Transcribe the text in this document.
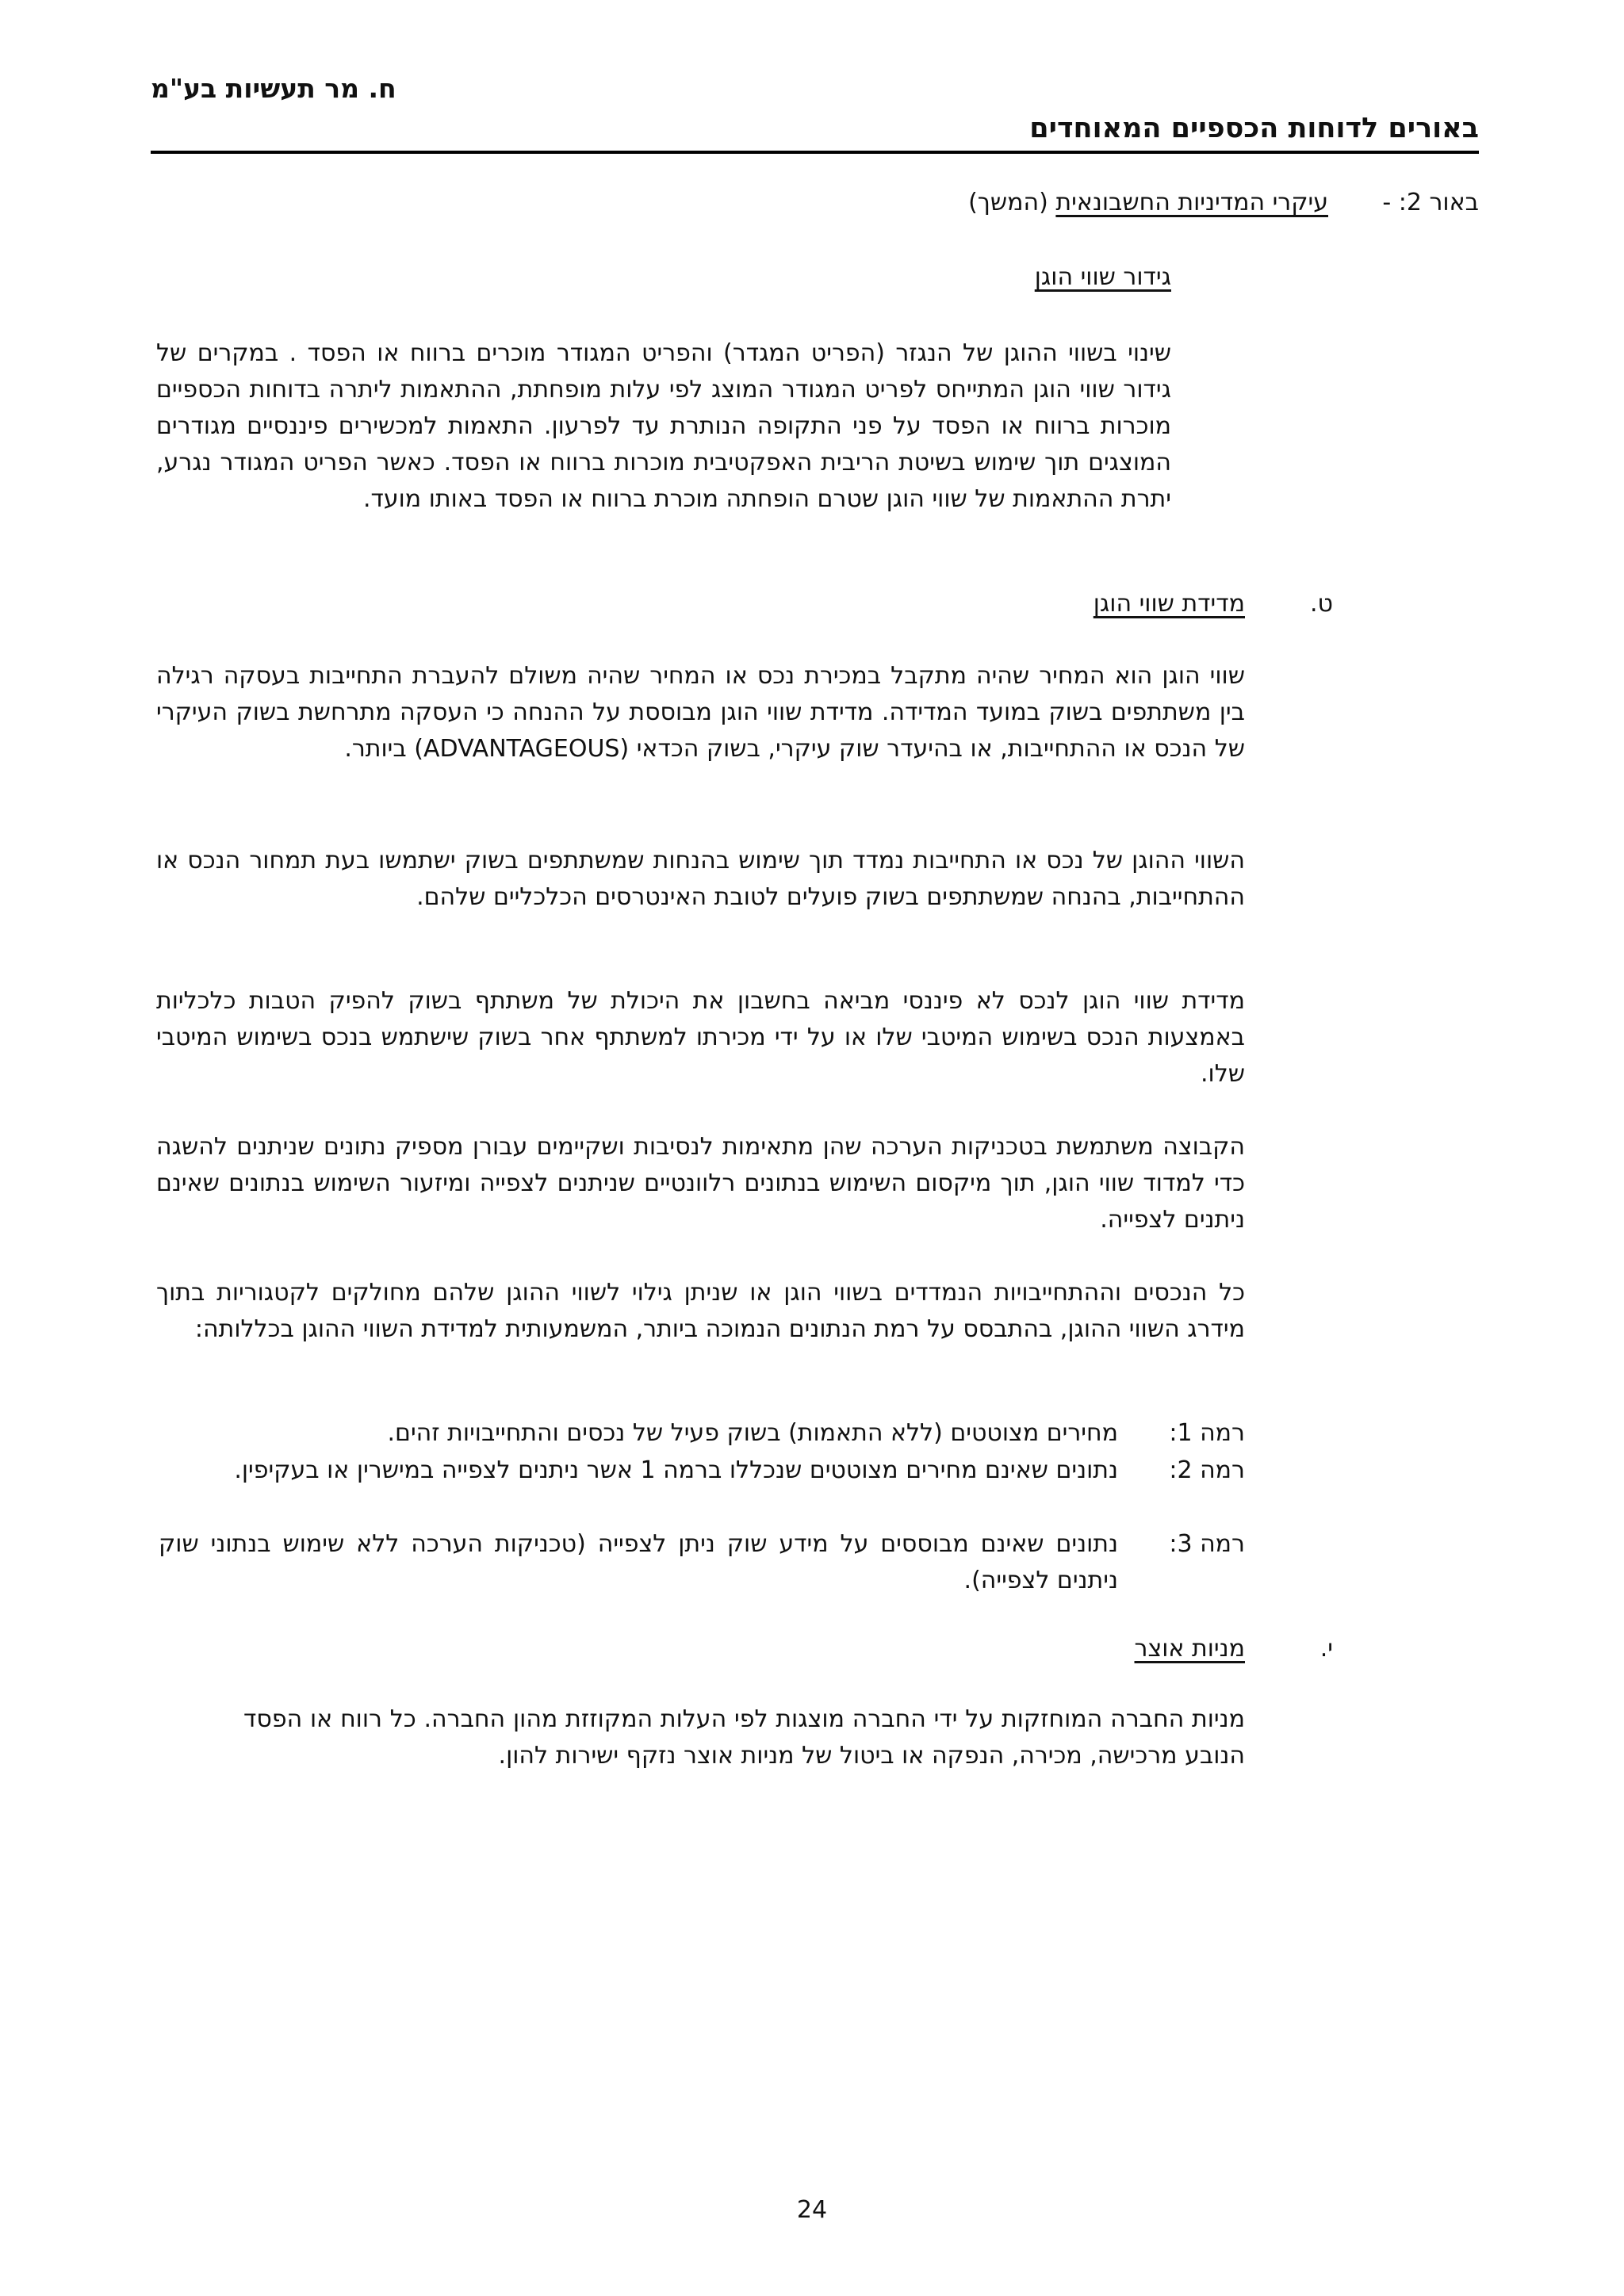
ח. מר תעשיות בע"מ
באורים לדוחות הכספיים המאוחדים
באור 2: -
עיקרי המדיניות החשבונאית (המשך)
גידור שווי הוגן

שינוי בשווי ההוגן של הנגזר (הפריט המגדר) והפריט המגודר מוכרים ברווח או הפסד . במקרים של גידור שווי הוגן המתייחס לפריט המגודר המוצג לפי עלות מופחתת, ההתאמות ליתרה בדוחות הכספיים מוכרות ברווח או הפסד על פני התקופה הנותרת עד לפרעון. התאמות למכשירים פיננסיים מגודרים המוצגים תוך שימוש בשיטת הריבית האפקטיבית מוכרות ברווח או הפסד. כאשר הפריט המגודר נגרע, יתרת ההתאמות של שווי הוגן שטרם הופחתה מוכרת ברווח או הפסד באותו מועד.

ט.
מדידת שווי הוגן

שווי הוגן הוא המחיר שהיה מתקבל במכירת נכס או המחיר שהיה משולם להעברת התחייבות בעסקה רגילה בין משתתפים בשוק במועד המדידה. מדידת שווי הוגן מבוססת על ההנחה כי העסקה מתרחשת בשוק העיקרי של הנכס או ההתחייבות, או בהיעדר שוק עיקרי, בשוק הכדאי (ADVANTAGEOUS) ביותר.

השווי ההוגן של נכס או התחייבות נמדד תוך שימוש בהנחות שמשתתפים בשוק ישתמשו בעת תמחור הנכס או ההתחייבות, בהנחה שמשתתפים בשוק פועלים לטובת האינטרסים הכלכליים שלהם.

מדידת שווי הוגן לנכס לא פיננסי מביאה בחשבון את היכולת של משתתף בשוק להפיק הטבות כלכליות באמצעות הנכס בשימוש המיטבי שלו או על ידי מכירתו למשתתף אחר בשוק שישתמש בנכס בשימוש המיטבי שלו.

הקבוצה משתמשת בטכניקות הערכה שהן מתאימות לנסיבות ושקיימים עבורן מספיק נתונים שניתנים להשגה כדי למדוד שווי הוגן, תוך מיקסום השימוש בנתונים רלוונטיים שניתנים לצפייה ומיזעור השימוש בנתונים שאינם ניתנים לצפייה.

כל הנכסים וההתחייבויות הנמדדים בשווי הוגן או שניתן גילוי לשווי ההוגן שלהם מחולקים לקטגוריות בתוך מידרג השווי ההוגן, בהתבסס על רמת הנתונים הנמוכה ביותר, המשמעותית למדידת השווי ההוגן בכללותה:

רמה 1:
מחירים מצוטטים (ללא התאמות) בשוק פעיל של נכסים והתחייבויות זהים.
רמה 2:
נתונים שאינם מחירים מצוטטים שנכללו ברמה 1 אשר ניתנים לצפייה במישרין או בעקיפין.
רמה 3:
נתונים שאינם מבוססים על מידע שוק ניתן לצפייה (טכניקות הערכה ללא שימוש בנתוני שוק ניתנים לצפייה).
י.
מניות אוצר

מניות החברה המוחזקות על ידי החברה מוצגות לפי העלות המקוזזת מהון החברה. כל רווח או הפסד הנובע מרכישה, מכירה, הנפקה או ביטול של מניות אוצר נזקף ישירות להון.

24
